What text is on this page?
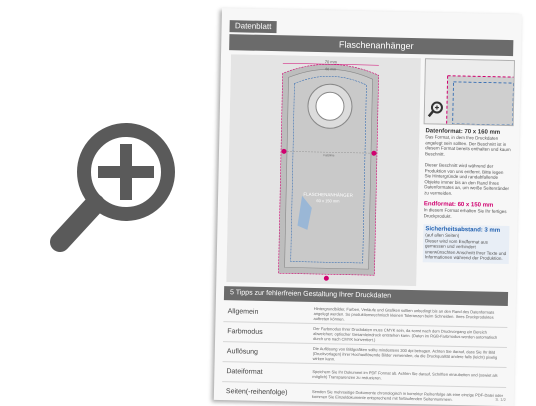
Datenblatt
Flaschenanhänger
Falzlinie
70 mm
60 mm
FLASCHENANHÄNGER
60 x 150 mm
Datenformat: 70 x 160 mm
Das Format, in dem Ihre Druckdaten angelegt sein sollten. Der Beschnitt ist in diesem Format bereits enthalten und kaum Beschnitt.
Dieser Beschnitt wird während der Produktion von uns entfernt. Bitte legen Sie Hintergründe und randabfallende Objekte immer bis an den Rand Ihres Datenformates an, um weiße Seitenränder zu vermeiden.
Endformat: 60 x 150 mm
In diesem Format erhalten Sie Ihr fertiges Druckprodukt.
Sicherheitsabstand: 3 mm
(auf allen Seiten)
Dieser wird vom Endformat aus gemessen und verhindert unerwünschten Anschnitt Ihrer Texte und Informationen während der Produktion.
5 Tipps zur fehlerfreien Gestaltung Ihrer Druckdaten
Allgemein	Hintergrundbilder, Farben, Verläufe und Grafiken sollten unbedingt bis an den Rand des Datenformats angelegt werden. So produktionsrechnisch kleinen Toleranzen beim Schneiden. Ihres Druckproduktes auftreten können.
Farbmodus	Der Farbmodus Ihrer Druckdaten muss CMYK sein, da sonst nach dem Druckvorgang ein Bereich abweichen; optischer Gesamteindruck entstehen kann. (Daten im RGB-Farbmodus werden automatisch durch uns nach CMYK konvertiert.)
Auflösung	Die Auflösung von Bildgrafiken sollte mindestens 300 dpi betragen. Achten Sie darauf, dass Sie Ihr Bild (Druckvorlagen) ihrer Hochauflösende Bilder verwenden, da die Druckqualität andere falls (leicht) pixelig wirken kann.
Dateiformat	Speichern Sie Ihr Dokument im PDF Format ab. Achten Sie darauf, Schriften einzubetten und (sowiet als möglich) Transparenzen zu reduzieren.
Seiten(-reihenfolge)	Senden Sie mehrseitige Dokumente chronologisch in korrekter Reihenfolge als eine einzige PDF-Datei oder kommen Sie Einzeldokumente entsprechend mit fortlaufenden Seitennummern.	S. 1/2
